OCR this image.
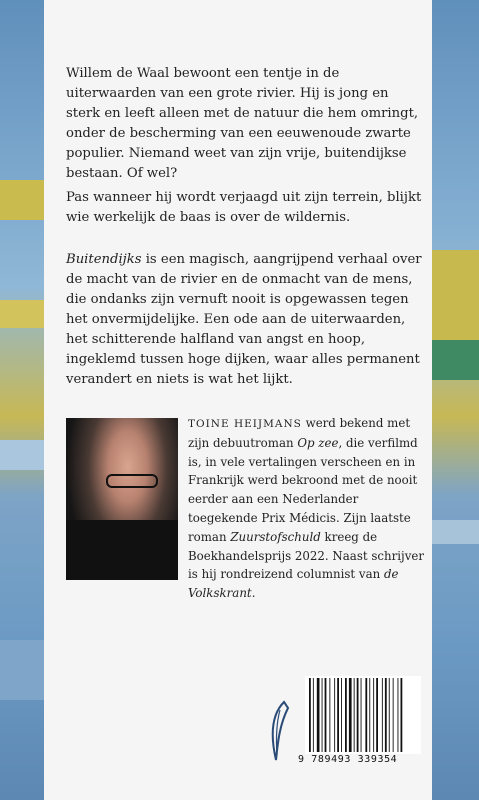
Willem de Waal bewoont een tentje in de uiterwaarden van een grote rivier. Hij is jong en sterk en leeft alleen met de natuur die hem omringt, onder de bescherming van een eeuwenoude zwarte populier. Niemand weet van zijn vrije, buitendijkse bestaan. Of wel?

Pas wanneer hij wordt verjaagd uit zijn terrein, blijkt wie werkelijk de baas is over de wildernis.

Buitendijks is een magisch, aangrijpend verhaal over de macht van de rivier en de onmacht van de mens, die ondanks zijn vernuft nooit is opgewassen tegen het onvermijdelijke. Een ode aan de uiterwaarden, het schitterende halfland van angst en hoop, ingeklemd tussen hoge dijken, waar alles permanent verandert en niets is wat het lijkt.

TOINE HEIJMANS werd bekend met zijn debuutroman Op zee, die verfilmd is, in vele vertalingen verscheen en in Frankrijk werd bekroond met de nooit eerder aan een Nederlander toegekende Prix Médicis. Zijn laatste roman Zuurstofschuld kreeg de Boekhandelsprijs 2022. Naast schrijver is hij rondreizend columnist van de Volkskrant.

9 789493 339354
